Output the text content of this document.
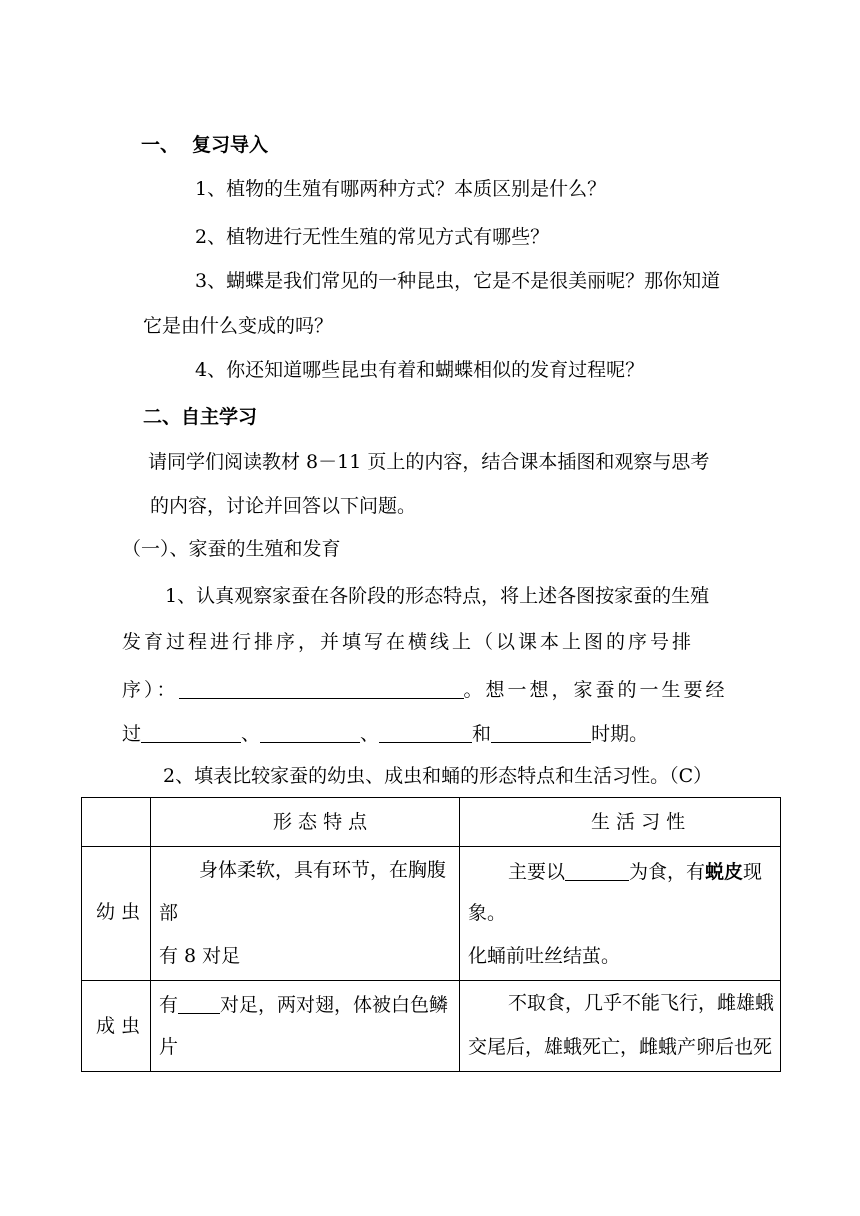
一、 复习导入
1、植物的生殖有哪两种方式？本质区别是什么？
2、植物进行无性生殖的常见方式有哪些？
3、蝴蝶是我们常见的一种昆虫，它是不是很美丽呢？那你知道
它是由什么变成的吗？
4、你还知道哪些昆虫有着和蝴蝶相似的发育过程呢？
二、自主学习
请同学们阅读教材 8－11 页上的内容，结合课本插图和观察与思考
的内容，讨论并回答以下问题。
（一）、家蚕的生殖和发育
1、认真观察家蚕在各阶段的形态特点，将上述各图按家蚕的生殖
发育过程进行排序，并填写在横线上（以课本上图的序号排
序）：	。想一想，家蚕的一生要经
过	、	、	和	时期。
2、填表比较家蚕的幼虫、成虫和蛹的形态特点和生活习性。（C）

	形 态 特 点	生 活 习 性

幼 虫	身体柔软，具有环节，在胸腹
部
有 8 对足	主要以 为食，有蜕皮现
象。
化蛹前吐丝结茧。

成 虫	有 对足，两对翅，体被白色鳞
片	不取食，几乎不能飞行，雌雄蛾
交尾后，雄蛾死亡，雌蛾产卵后也死
